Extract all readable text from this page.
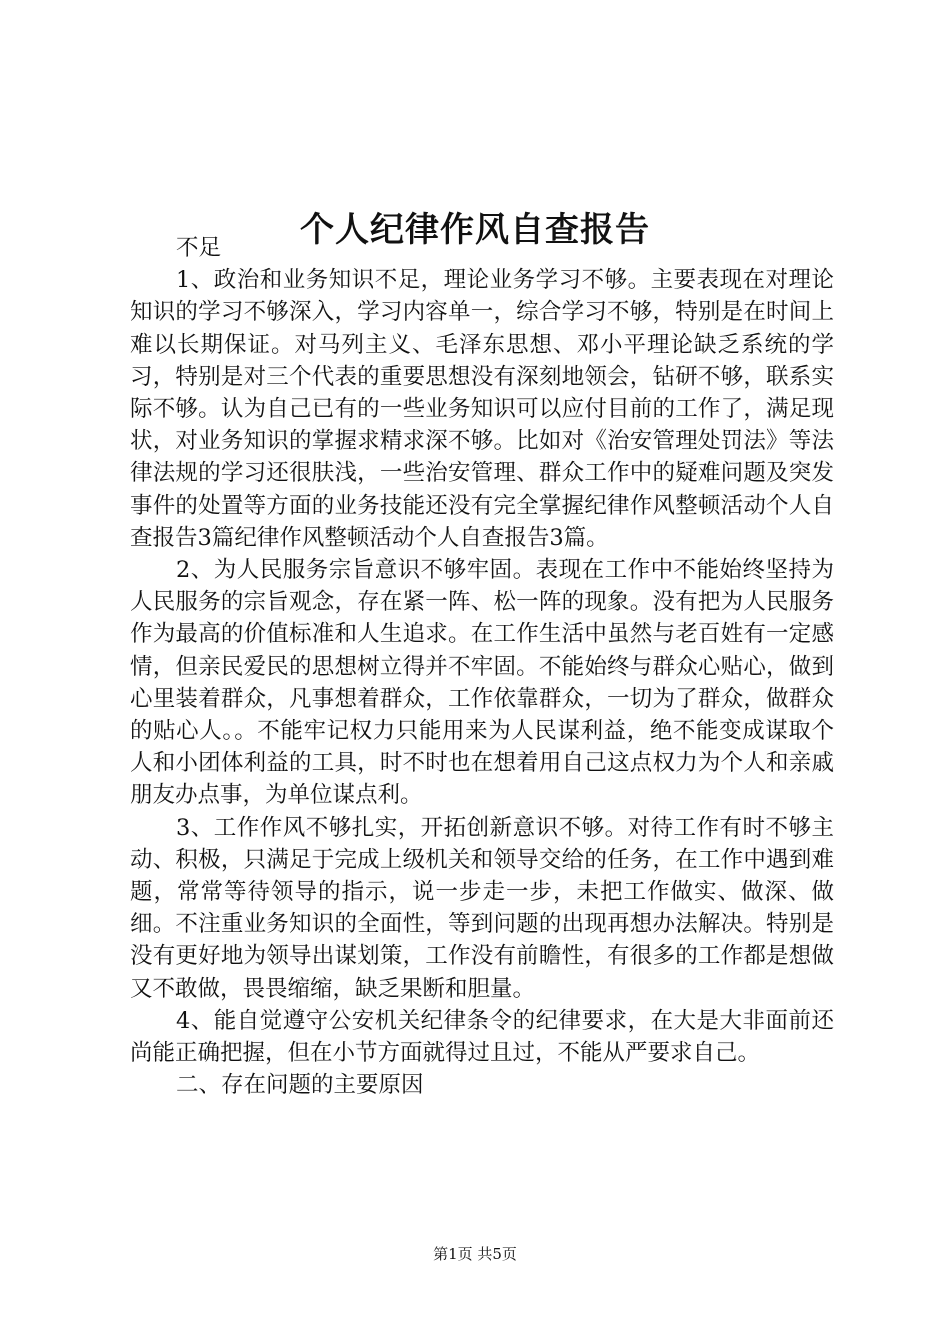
个人纪律作风自查报告

不足

1、政治和业务知识不足，理论业务学习不够。主要表现在对理论知识的学习不够深入，学习内容单一，综合学习不够，特别是在时间上难以长期保证。对马列主义、毛泽东思想、邓小平理论缺乏系统的学习，特别是对三个代表的重要思想没有深刻地领会，钻研不够，联系实际不够。认为自己已有的一些业务知识可以应付目前的工作了，满足现状，对业务知识的掌握求精求深不够。比如对《治安管理处罚法》等法律法规的学习还很肤浅，一些治安管理、群众工作中的疑难问题及突发事件的处置等方面的业务技能还没有完全掌握纪律作风整顿活动个人自查报告3篇纪律作风整顿活动个人自查报告3篇。

2、为人民服务宗旨意识不够牢固。表现在工作中不能始终坚持为人民服务的宗旨观念，存在紧一阵、松一阵的现象。没有把为人民服务作为最高的价值标准和人生追求。在工作生活中虽然与老百姓有一定感情，但亲民爱民的思想树立得并不牢固。不能始终与群众心贴心，做到心里装着群众，凡事想着群众，工作依靠群众，一切为了群众，做群众的贴心人。。不能牢记权力只能用来为人民谋利益，绝不能变成谋取个人和小团体利益的工具，时不时也在想着用自己这点权力为个人和亲戚朋友办点事，为单位谋点利。

3、工作作风不够扎实，开拓创新意识不够。对待工作有时不够主动、积极，只满足于完成上级机关和领导交给的任务，在工作中遇到难题，常常等待领导的指示，说一步走一步，未把工作做实、做深、做细。不注重业务知识的全面性，等到问题的出现再想办法解决。特别是没有更好地为领导出谋划策，工作没有前瞻性，有很多的工作都是想做又不敢做，畏畏缩缩，缺乏果断和胆量。

4、能自觉遵守公安机关纪律条令的纪律要求，在大是大非面前还尚能正确把握，但在小节方面就得过且过，不能从严要求自己。

二、存在问题的主要原因

第1页 共5页
